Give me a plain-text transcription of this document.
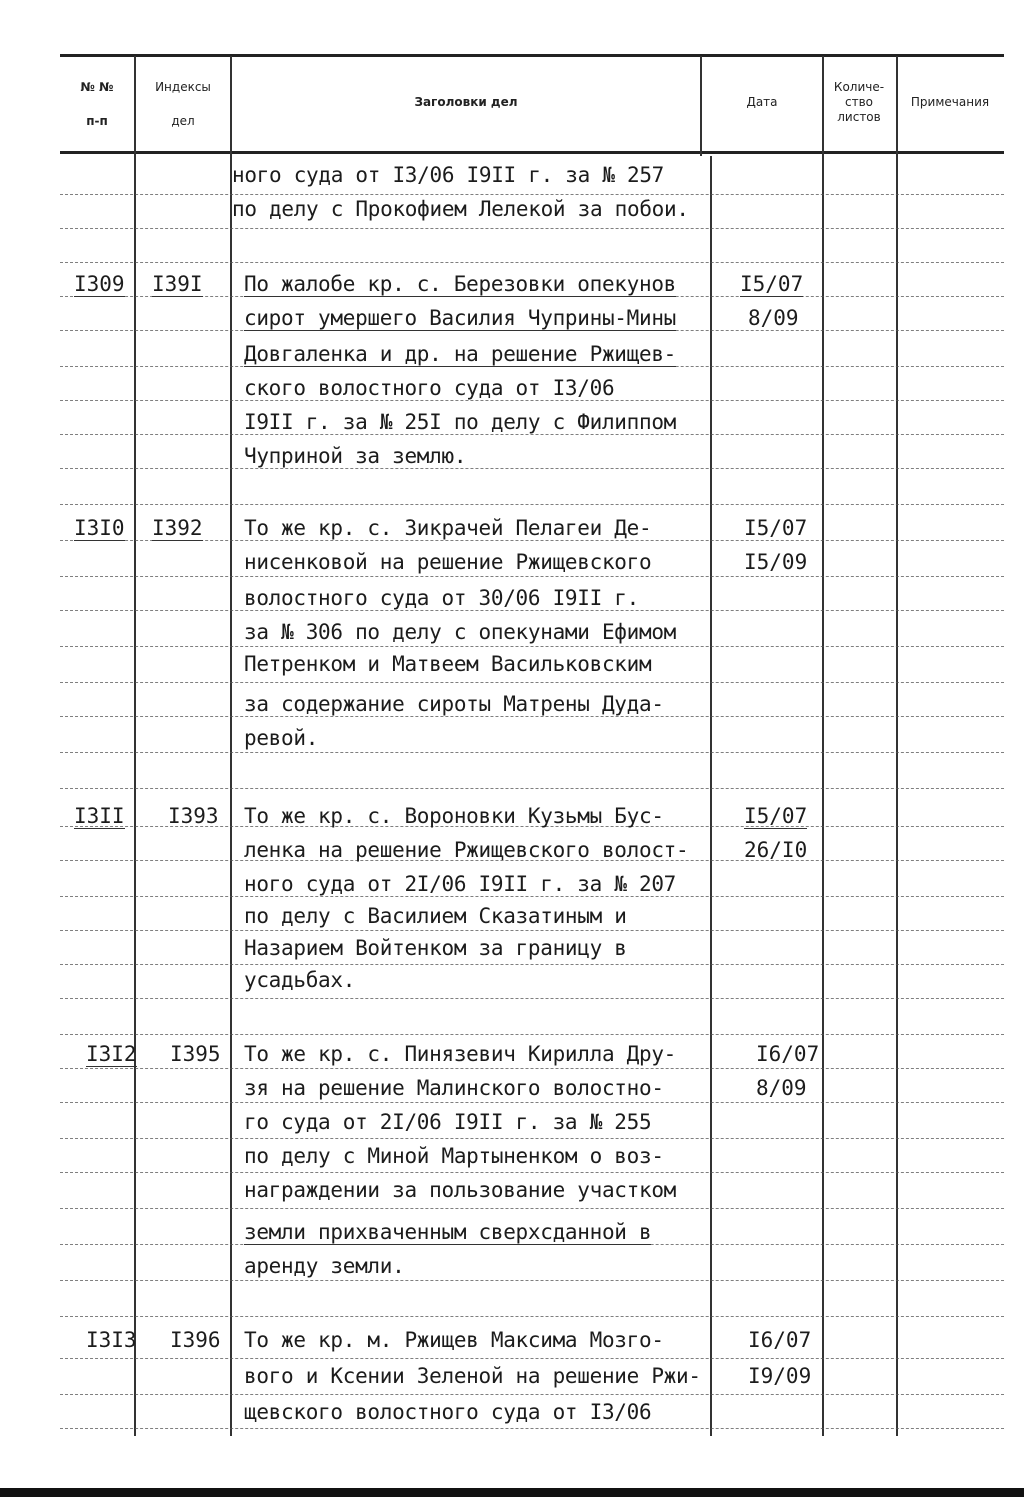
№ №
п-п
Индексы
дел
Заголовки дел	Дата
Количе-
ство
листов
Примечания
ного суда от I3/06 I9II г. за № 257
по делу с Прокофием Лелекой за побои.
I309 I39I По жалобе кр. с. Березовки опекунов
сирот умершего Василия Чуприны-Мины
Довгаленка и др. на решение Ржищев-
ского волостного суда от I3/06
I9II г. за № 25I по делу с Филиппом
Чуприной за землю.
I5/07
8/09
I3I0 I392 То же кр. с. Зикрачей Пелагеи Де-
нисенковой на решение Ржищевского
волостного суда от 30/06 I9II г.
за № 306 по делу с опекунами Ефимом
Петренком и Матвеем Васильковским
за содержание сироты Матрены Дуда-
ревой.
I5/07
I5/09
I3II I393 То же кр. с. Вороновки Кузьмы Бус-
ленка на решение Ржищевского волост-
ного суда от 2I/06 I9II г. за № 207
по делу с Василием Сказатиным и
Назарием Войтенком за границу в
усадьбах.
I5/07
26/I0
I3I2 I395 То же кр. с. Пинязевич Кирилла Дру-
зя на решение Малинского волостно-
го суда от 2I/06 I9II г. за № 255
по делу с Миной Мартыненком о воз-
награждении за пользование участком
земли прихваченным сверхсданной в
аренду земли.
I6/07
8/09
I3I3 I396 То же кр. м. Ржищев Максима Мозго-
вого и Ксении Зеленой на решение Ржи-
щевского волостного суда от I3/06
I6/07
I9/09
